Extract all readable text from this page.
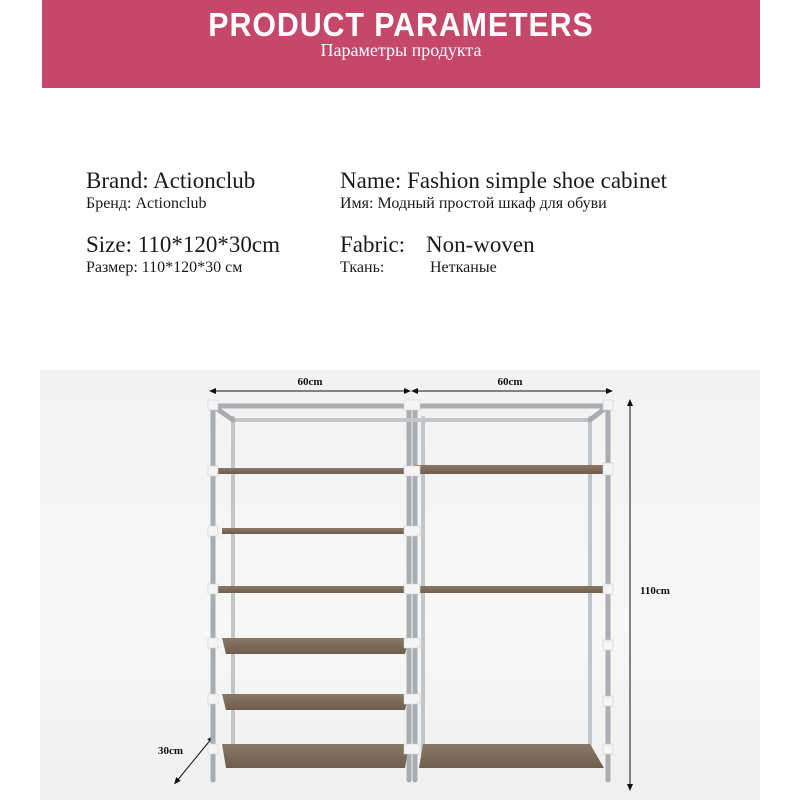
PRODUCT PARAMETERS
Параметры продукта
Brand: Actionclub
Бренд: Actionclub
Name: Fashion simple shoe cabinet
Имя: Модный простой шкаф для обуви
Size: 110*120*30cm
Размер: 110*120*30 см
Fabric: Non-woven
Ткань:	Нетканые
60cm	60cm
110cm
30cm
